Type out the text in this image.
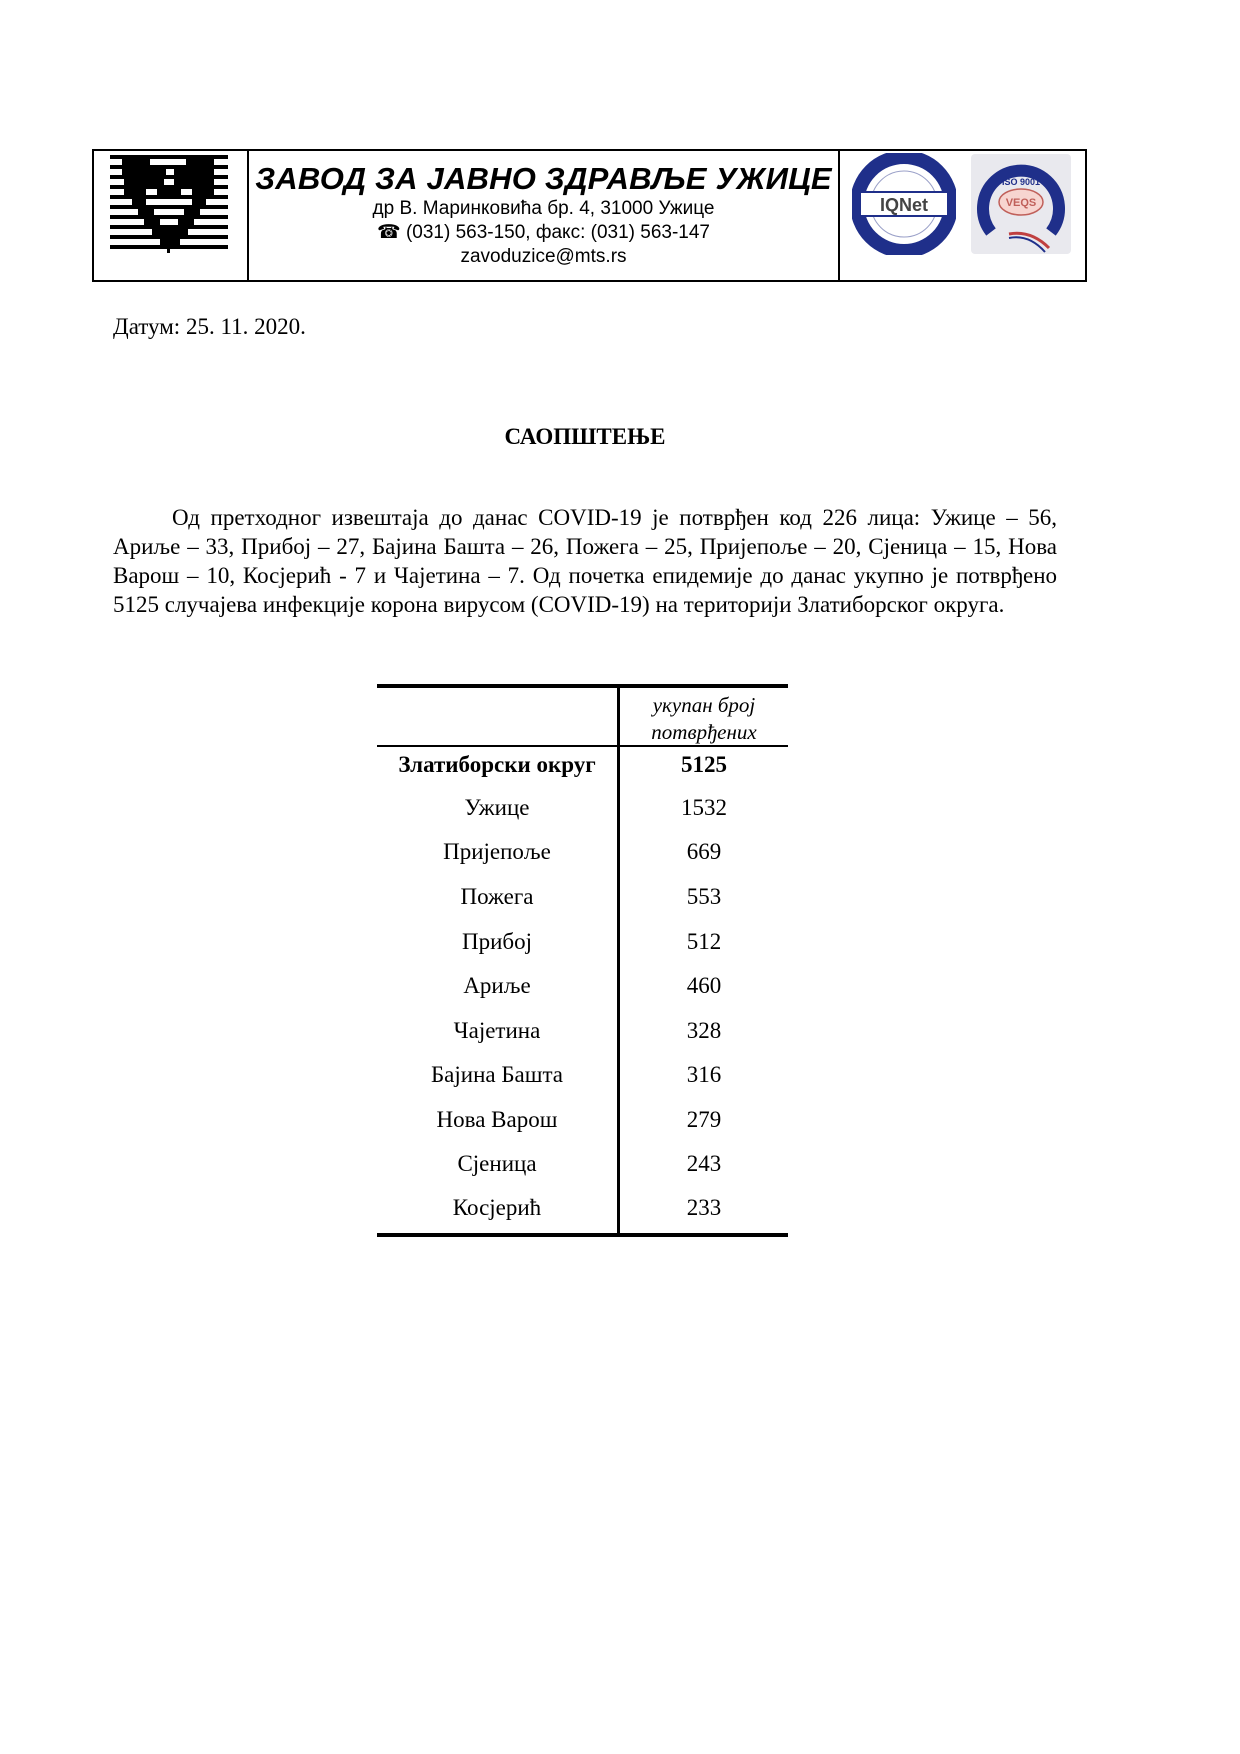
ЗАВОД ЗА ЈАВНО ЗДРАВЉЕ УЖИЦЕ
др В. Маринковића бр. 4, 31000 Ужице
☎ (031) 563-150, факс: (031) 563-147
zavoduzice@mts.rs
IQNet
ISO 9001
VEQS
Датум: 25. 11. 2020.
САОПШТЕЊЕ
Од претходног извештаја до данас COVID-19 је потврђен код 226 лица: Ужице – 56, Ариље – 33, Прибој – 27, Бајина Башта – 26, Пожега – 25, Пријепоље – 20, Сјеница – 15, Нова Варош – 10, Косјерић - 7 и Чајетина – 7. Од почетка епидемије до данас укупно је потврђено 5125 случајева инфекције корона вирусом (COVID-19) на територији Златиборског округа.
укупан број
потврђених
Златиборски округ	5125
Ужице	1532
Пријепоље	669
Пожега	553
Прибој	512
Ариље	460
Чајетина	328
Бајина Башта	316
Нова Варош	279
Сјеница	243
Косјерић	233
